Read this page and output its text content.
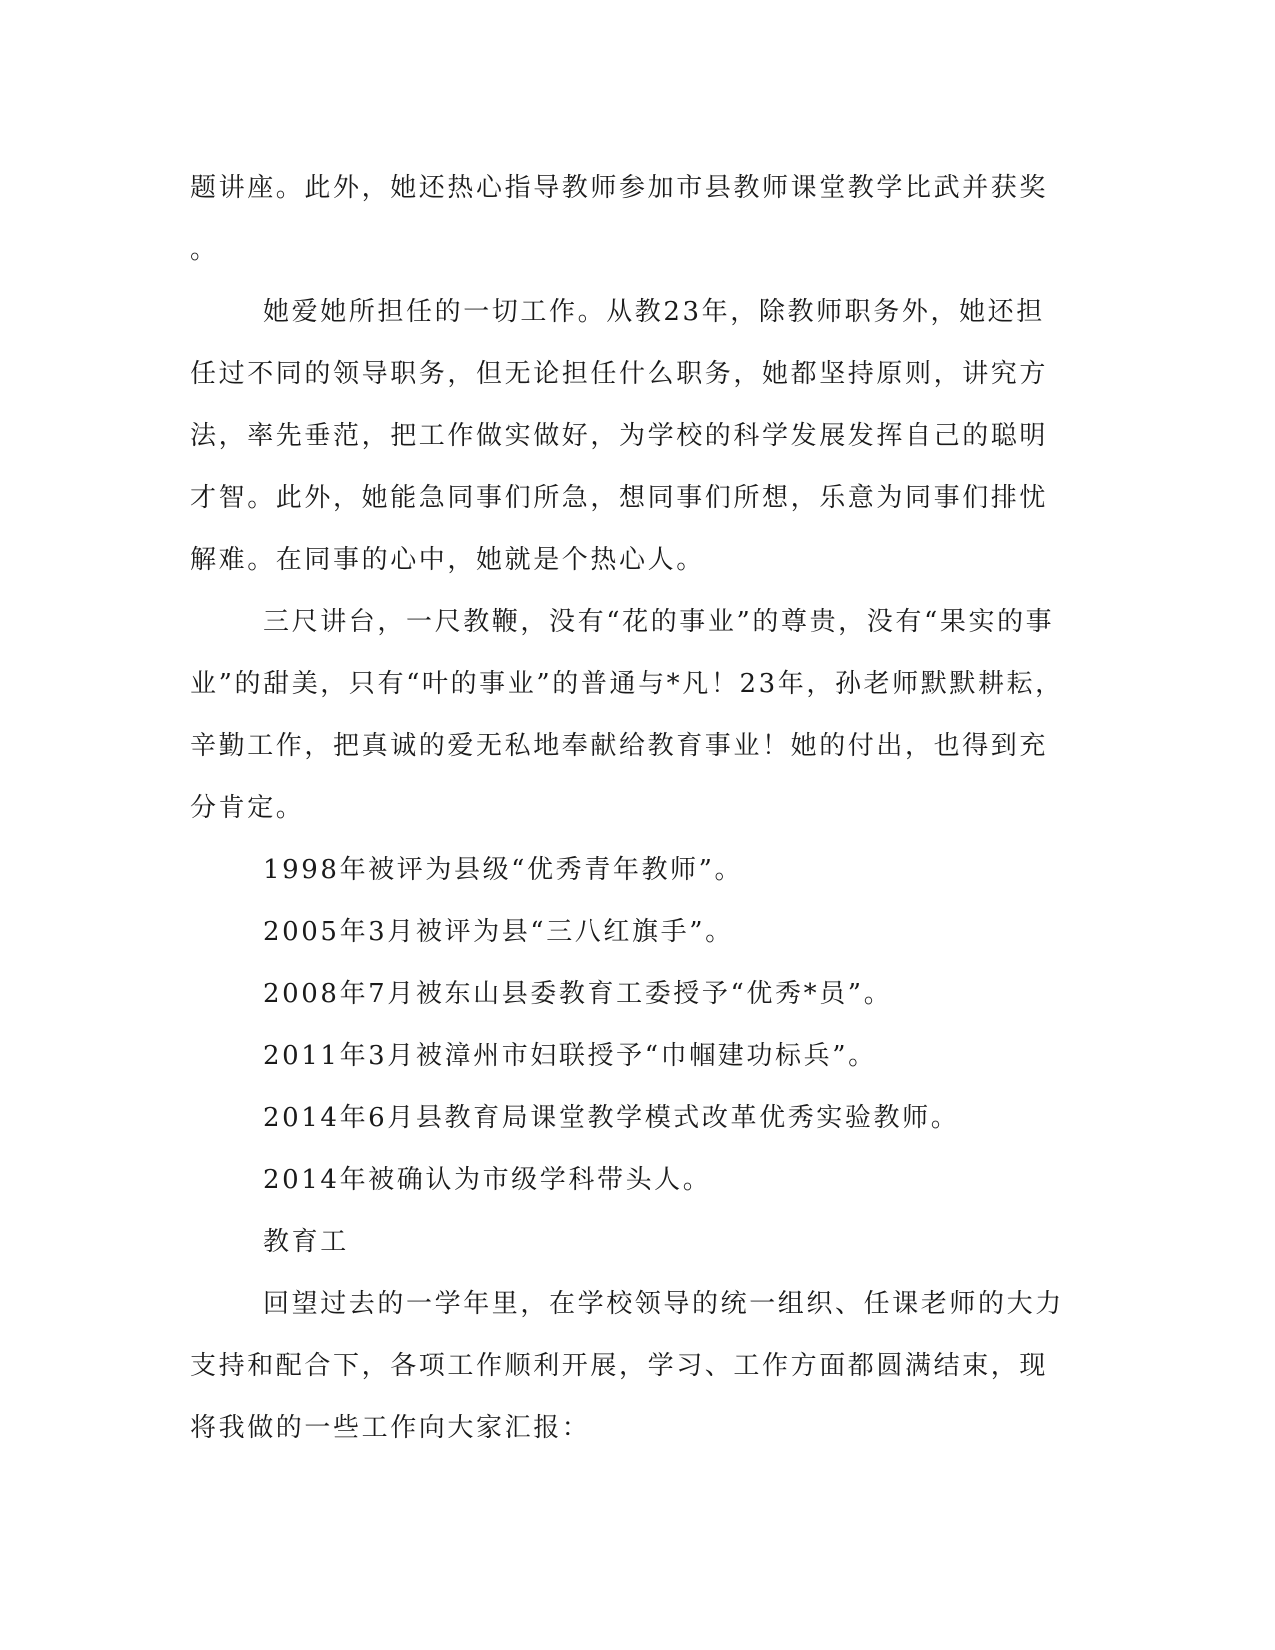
题讲座。此外，她还热心指导教师参加市县教师课堂教学比武并获奖
。
她爱她所担任的一切工作。从教23年，除教师职务外，她还担
任过不同的领导职务，但无论担任什么职务，她都坚持原则，讲究方
法，率先垂范，把工作做实做好，为学校的科学发展发挥自己的聪明
才智。此外，她能急同事们所急，想同事们所想，乐意为同事们排忧
解难。在同事的心中，她就是个热心人。
三尺讲台，一尺教鞭，没有“花的事业”的尊贵，没有“果实的事
业”的甜美，只有“叶的事业”的普通与*凡！23年，孙老师默默耕耘，
辛勤工作，把真诚的爱无私地奉献给教育事业！她的付出，也得到充
分肯定。
1998年被评为县级“优秀青年教师”。
2005年3月被评为县“三八红旗手”。
2008年7月被东山县委教育工委授予“优秀*员”。
2011年3月被漳州市妇联授予“巾帼建功标兵”。
2014年6月县教育局课堂教学模式改革优秀实验教师。
2014年被确认为市级学科带头人。
教育工
回望过去的一学年里，在学校领导的统一组织、任课老师的大力
支持和配合下，各项工作顺利开展，学习、工作方面都圆满结束，现
将我做的一些工作向大家汇报：
